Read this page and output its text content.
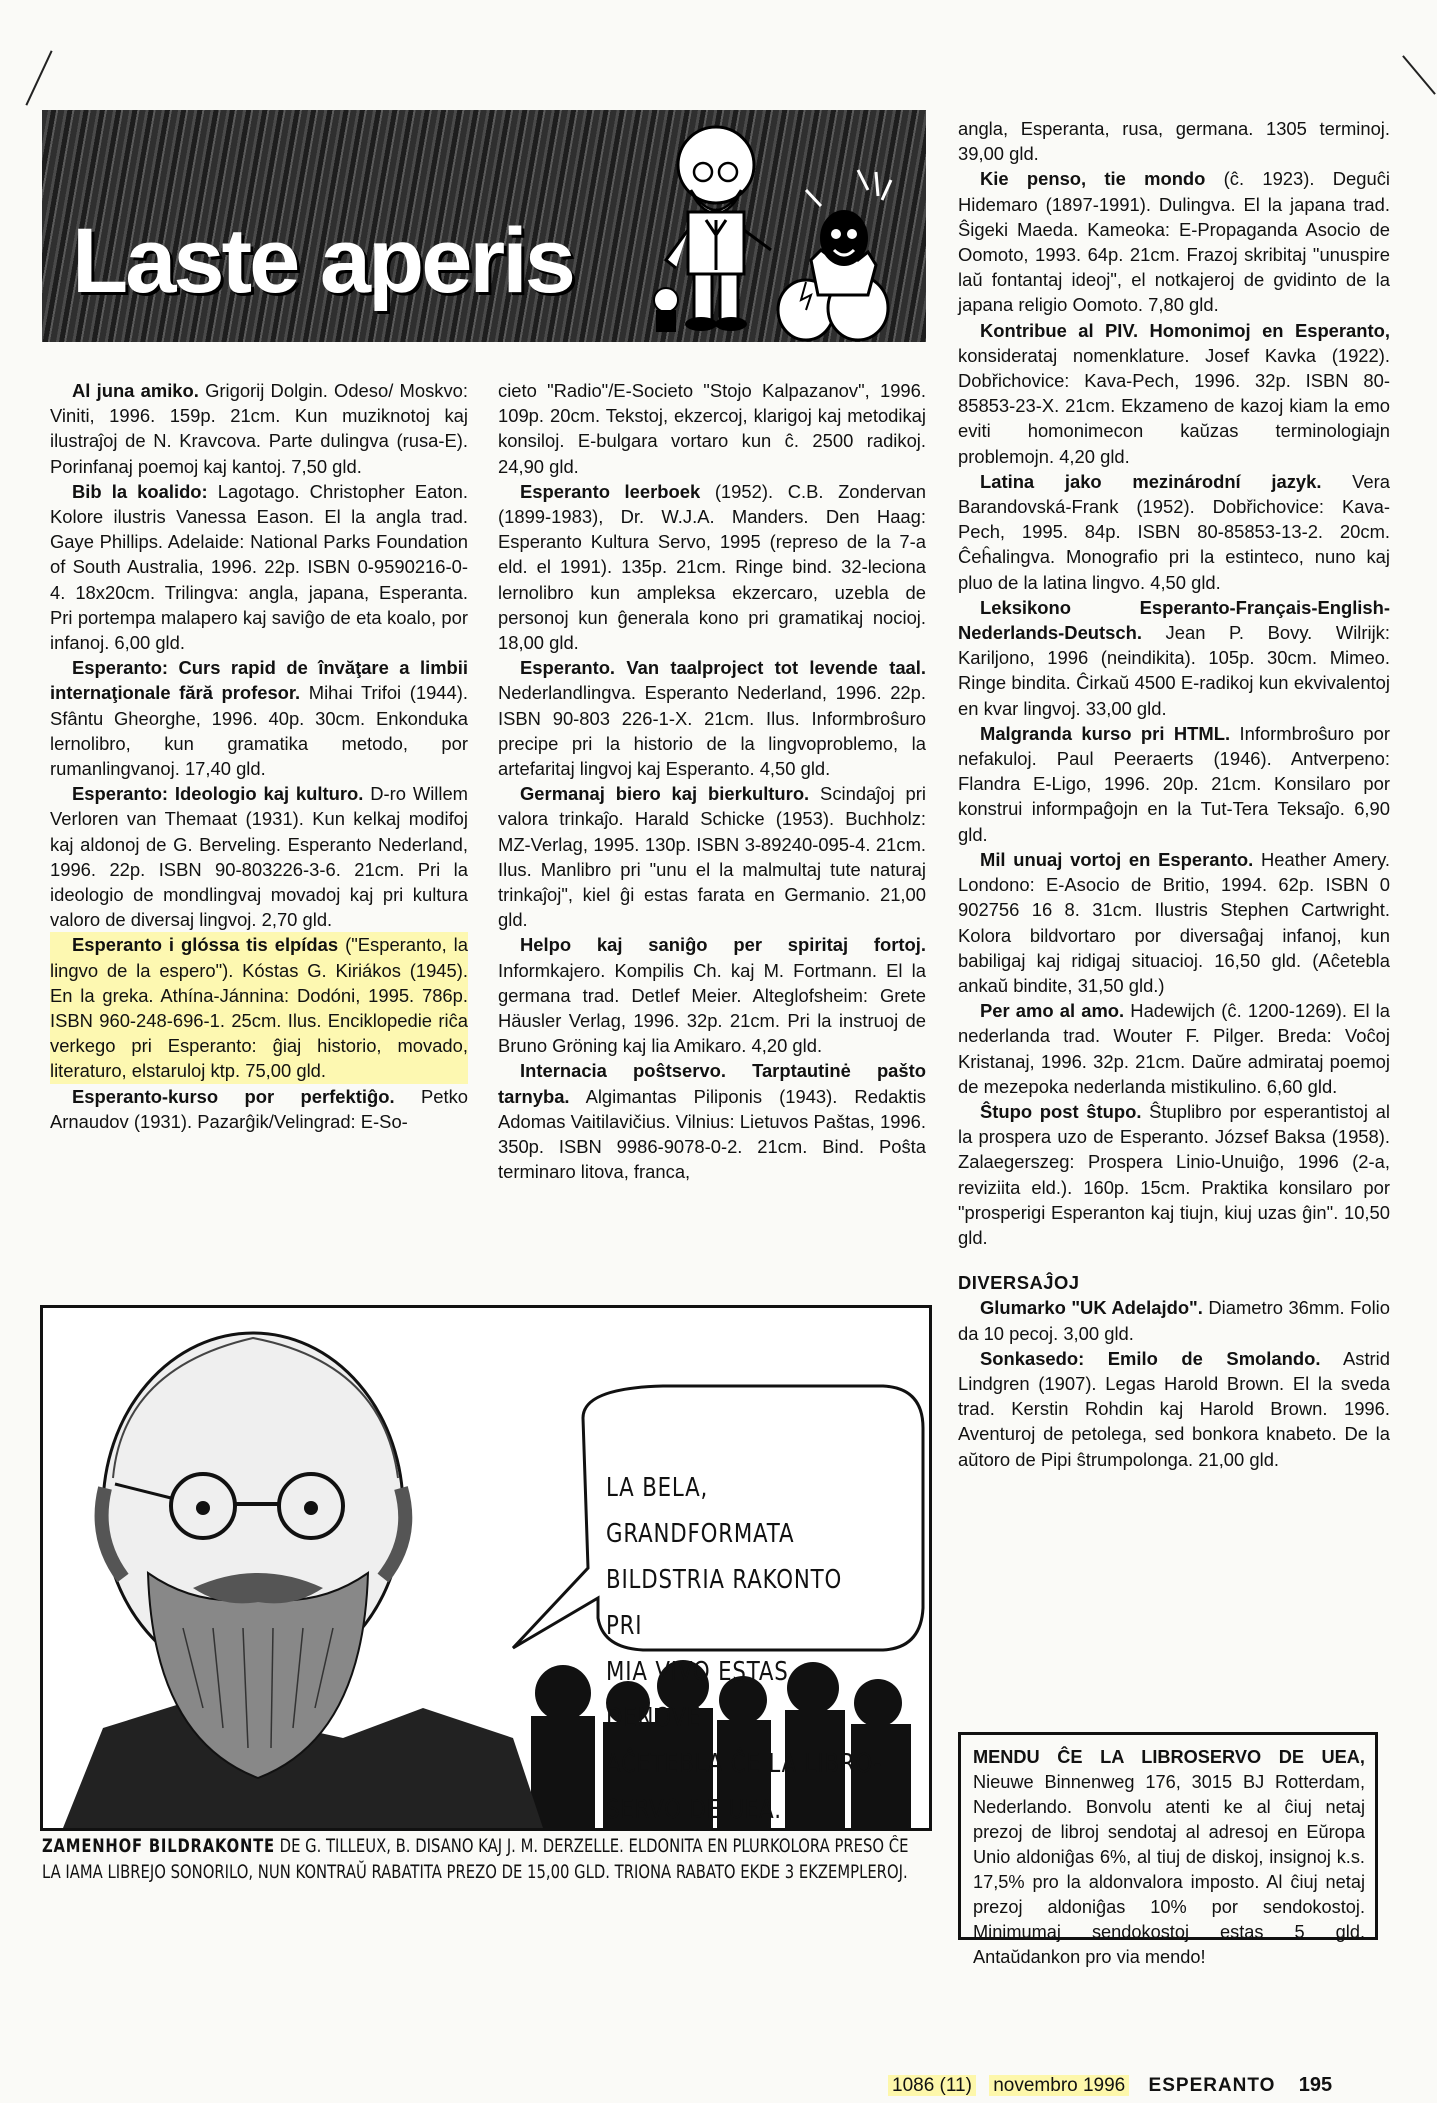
Laste aperis

Al juna amiko. Grigorij Dolgin. Odeso/ Moskvo: Viniti, 1996. 159p. 21cm. Kun muziknotoj kaj ilustraĵoj de N. Kravcova. Parte dulingva (rusa-E). Porinfanaj poemoj kaj kantoj. 7,50 gld.

Bib la koalido: Lagotago. Christopher Eaton. Kolore ilustris Vanessa Eason. El la angla trad. Gaye Phillips. Adelaide: National Parks Foundation of South Australia, 1996. 22p. ISBN 0-9590216-0-4. 18x20cm. Trilingva: angla, japana, Esperanta. Pri portempa malapero kaj saviĝo de eta koalo, por infanoj. 6,00 gld.

Esperanto: Curs rapid de învăţare a limbii internaţionale fără profesor. Mihai Trifoi (1944). Sfântu Gheorghe, 1996. 40p. 30cm. Enkonduka lernolibro, kun gramatika metodo, por rumanlingvanoj. 17,40 gld.

Esperanto: Ideologio kaj kulturo. D-ro Willem Verloren van Themaat (1931). Kun kelkaj modifoj kaj aldonoj de G. Berveling. Esperanto Nederland, 1996. 22p. ISBN 90-803226-3-6. 21cm. Pri la ideologio de mondlingvaj movadoj kaj pri kultura valoro de diversaj lingvoj. 2,70 gld.

Esperanto i glóssa tis elpídas ("Esperanto, la lingvo de la espero"). Kóstas G. Kiriákos (1945). En la greka. Athína-Jánnina: Dodóni, 1995. 786p. ISBN 960-248-696-1. 25cm. Ilus. Enciklopedie riĉa verkego pri Esperanto: ĝiaj historio, movado, literaturo, elstaruloj ktp. 75,00 gld.

Esperanto-kurso por perfektiĝo. Petko Arnaudov (1931). Pazarĝik/Velingrad: E-So-

cieto "Radio"/E-Societo "Stojo Kalpazanov", 1996. 109p. 20cm. Tekstoj, ekzercoj, klarigoj kaj metodikaj konsiloj. E-bulgara vortaro kun ĉ. 2500 radikoj. 24,90 gld.

Esperanto leerboek (1952). C.B. Zondervan (1899-1983), Dr. W.J.A. Manders. Den Haag: Esperanto Kultura Servo, 1995 (represo de la 7-a eld. el 1991). 135p. 21cm. Ringe bind. 32-leciona lernolibro kun ampleksa ekzercaro, uzebla de personoj kun ĝenerala kono pri gramatikaj nocioj. 18,00 gld.

Esperanto. Van taalproject tot levende taal. Nederlandlingva. Esperanto Nederland, 1996. 22p. ISBN 90-803 226-1-X. 21cm. Ilus. Informbroŝuro precipe pri la historio de la lingvoproblemo, la artefaritaj lingvoj kaj Esperanto. 4,50 gld.

Germanaj biero kaj bierkulturo. Scindaĵoj pri valora trinkaĵo. Harald Schicke (1953). Buchholz: MZ-Verlag, 1995. 130p. ISBN 3-89240-095-4. 21cm. Ilus. Manlibro pri "unu el la malmultaj tute naturaj trinkaĵoj", kiel ĝi estas farata en Germanio. 21,00 gld.

Helpo kaj saniĝo per spiritaj fortoj. Informkajero. Kompilis Ch. kaj M. Fortmann. El la germana trad. Detlef Meier. Alteglofsheim: Grete Häusler Verlag, 1996. 32p. 21cm. Pri la instruoj de Bruno Gröning kaj lia Amikaro. 4,20 gld.

Internacia poŝtservo. Tarptautinė pašto tarnyba. Algimantas Piliponis (1943). Redaktis Adomas Vaitilavičius. Vilnius: Lietuvos Paštas, 1996. 350p. ISBN 9986-9078-0-2. 21cm. Bind. Poŝta terminaro litova, franca,

angla, Esperanta, rusa, germana. 1305 terminoj. 39,00 gld.

Kie penso, tie mondo (ĉ. 1923). Deguĉi Hidemaro (1897-1991). Dulingva. El la japana trad. Ŝigeki Maeda. Kameoka: E-Propaganda Asocio de Oomoto, 1993. 64p. 21cm. Frazoj skribitaj "unuspire laŭ fontantaj ideoj", el notkajeroj de gvidinto de la japana religio Oomoto. 7,80 gld.

Kontribue al PIV. Homonimoj en Esperanto, konsiderataj nomenklature. Josef Kavka (1922). Dobřichovice: Kava-Pech, 1996. 32p. ISBN 80-85853-23-X. 21cm. Ekzameno de kazoj kiam la emo eviti homonimecon kaŭzas terminologiajn problemojn. 4,20 gld.

Latina jako mezinárodní jazyk. Vera Barandovská-Frank (1952). Dobřichovice: Kava-Pech, 1995. 84p. ISBN 80-85853-13-2. 20cm. Ĉeĥalingva. Monografio pri la estinteco, nuno kaj pluo de la latina lingvo. 4,50 gld.

Leksikono Esperanto-Français-English-Nederlands-Deutsch. Jean P. Bovy. Wilrijk: Kariljono, 1996 (neindikita). 105p. 30cm. Mimeo. Ringe bindita. Ĉirkaŭ 4500 E-radikoj kun ekvivalentoj en kvar lingvoj. 33,00 gld.

Malgranda kurso pri HTML. Informbroŝuro por nefakuloj. Paul Peeraerts (1946). Antverpeno: Flandra E-Ligo, 1996. 20p. 21cm. Konsilaro por konstrui informpaĝojn en la Tut-Tera Teksaĵo. 6,90 gld.

Mil unuaj vortoj en Esperanto. Heather Amery. Londono: E-Asocio de Britio, 1994. 62p. ISBN 0 902756 16 8. 31cm. Ilustris Stephen Cartwright. Kolora bildvortaro por diversaĝaj infanoj, kun babiligaj kaj ridigaj situacioj. 16,50 gld. (Aĉetebla ankaŭ bindite, 31,50 gld.)

Per amo al amo. Hadewijch (ĉ. 1200-1269). El la nederlanda trad. Wouter F. Pilger. Breda: Voĉoj Kristanaj, 1996. 32p. 21cm. Daŭre admirataj poemoj de mezepoka nederlanda mistikulino. 6,60 gld.

Ŝtupo post ŝtupo. Ŝtuplibro por esperantistoj al la prospera uzo de Esperanto. József Baksa (1958). Zalaegerszeg: Prospera Linio-Unuiĝo, 1996 (2-a, reviziita eld.). 160p. 15cm. Praktika konsilaro por "prosperigi Esperanton kaj tiujn, kiuj uzas ĝin". 10,50 gld.

DIVERSAĴOJ

Glumarko "UK Adelajdo". Diametro 36mm. Folio da 10 pecoj. 3,00 gld.

Sonkasedo: Emilo de Smolando. Astrid Lindgren (1907). Legas Harold Brown. El la sveda trad. Kerstin Rohdin kaj Harold Brown. 1996. Aventuroj de petolega, sed bonkora knabeto. De la aŭtoro de Pipi ŝtrumpolonga. 21,00 gld.

LA BELA, GRANDFORMATA
BILDSTRIA RAKONTO PRI
MIA VIVO ESTAS DENOVE
AĈETEBLA ĈE LA LIBRO-
SERVO DE UEA.
ZAMENHOF BILDRAKONTE DE G. TILLEUX, B. DISANO KAJ J. M. DERZELLE. ELDONITA EN PLURKOLORA PRESO ĈE LA IAMA LIBREJO SONORILO, NUN KONTRAŬ RABATITA PREZO DE 15,00 GLD. TRIONA RABATO EKDE 3 EKZEMPLEROJ.
MENDU ĈE LA LIBROSERVO DE UEA, Nieuwe Binnenweg 176, 3015 BJ Rotterdam, Nederlando. Bonvolu atenti ke al ĉiuj netaj prezoj de libroj sendotaj al adresoj en Eŭropa Unio aldoniĝas 6%, al tiuj de diskoj, insignoj k.s. 17,5% pro la aldonvalora imposto. Al ĉiuj netaj prezoj aldoniĝas 10% por sendokostoj. Minimumaj sendokostoj estas 5 gld. Antaŭdankon pro via mendo!
1086 (11) novembro 1996 ESPERANTO 195
